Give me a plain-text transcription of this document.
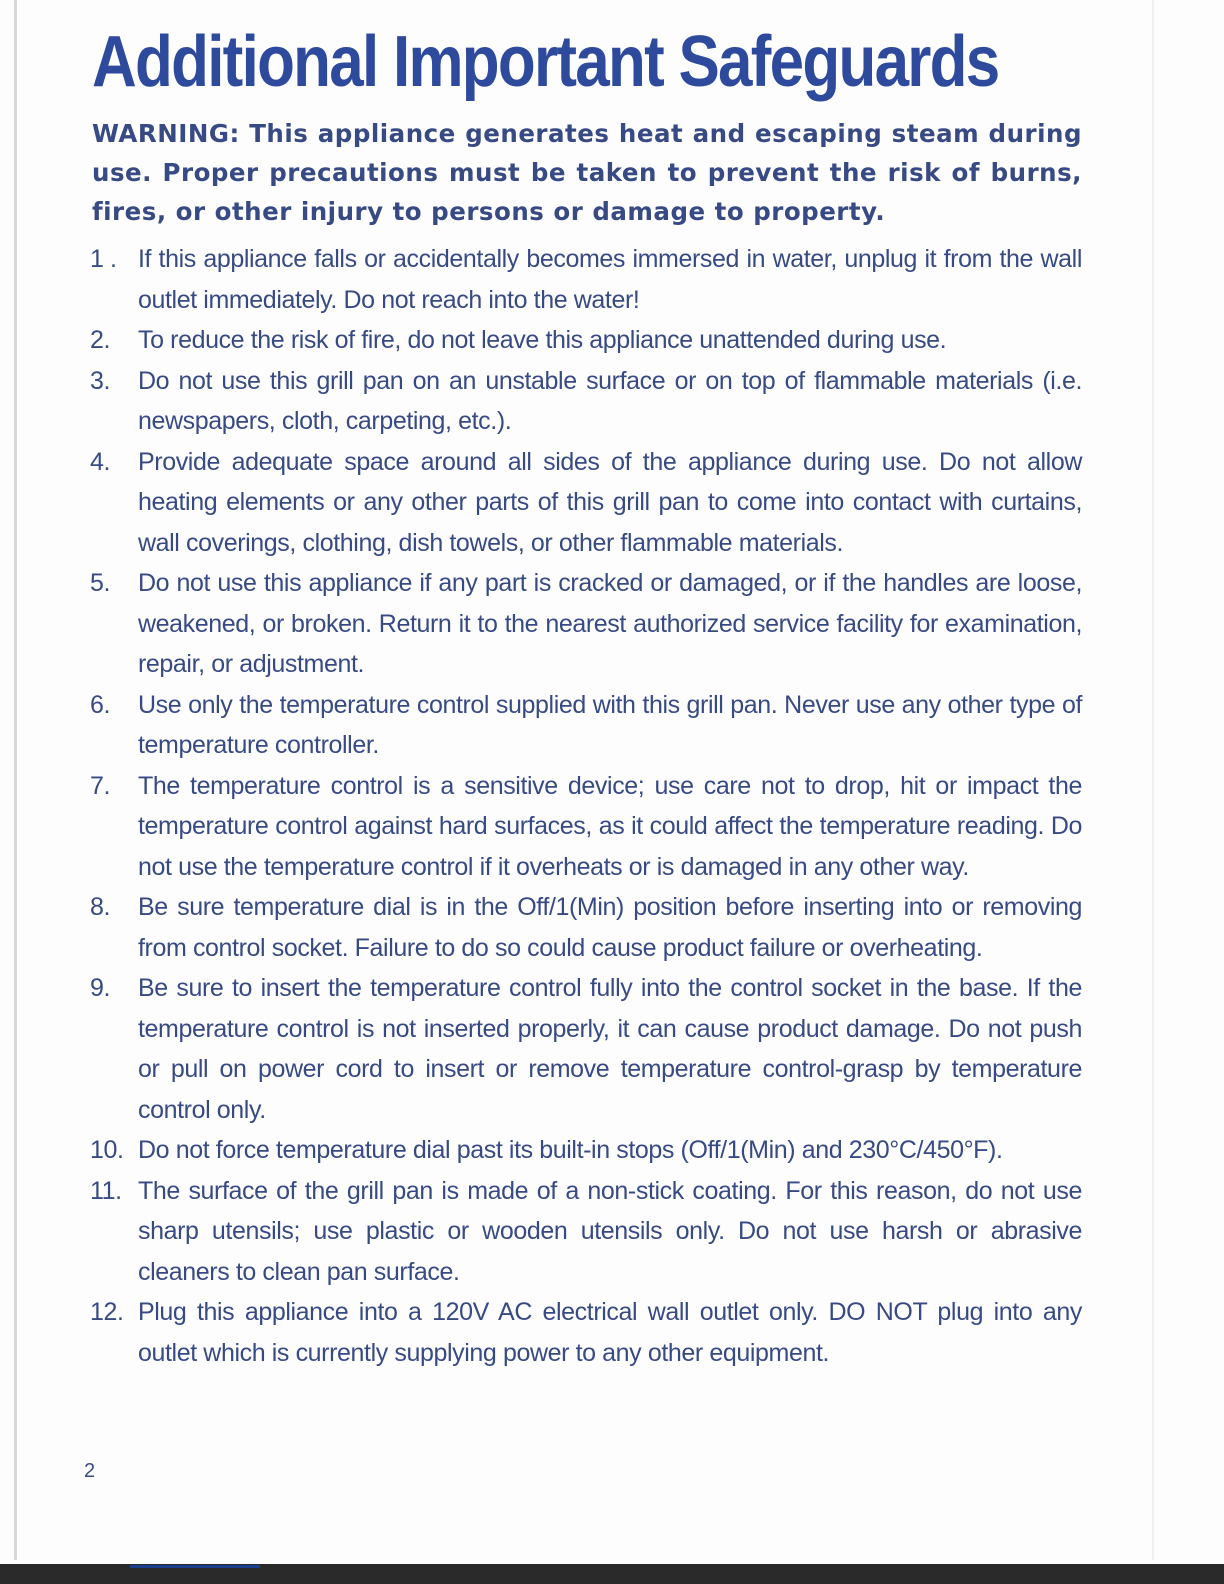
Additional Important Safeguards

WARNING: This appliance generates heat and escaping steam during use. Proper precautions must be taken to prevent the risk of burns, fires, or other injury to persons or damage to property.

1 . If this appliance falls or accidentally becomes immersed in water, unplug it from the wall outlet immediately. Do not reach into the water!
2.	To reduce the risk of fire, do not leave this appliance unattended during use.
3.	Do not use this grill pan on an unstable surface or on top of flammable materials (i.e. newspapers, cloth, carpeting, etc.).
4.	Provide adequate space around all sides of the appliance during use. Do not allow heating elements or any other parts of this grill pan to come into contact with curtains, wall coverings, clothing, dish towels, or other flammable materials.
5.	Do not use this appliance if any part is cracked or damaged, or if the handles are loose, weakened, or broken. Return it to the nearest authorized service facility for examination, repair, or adjustment.
6.	Use only the temperature control supplied with this grill pan. Never use any other type of temperature controller.
7.	The temperature control is a sensitive device; use care not to drop, hit or impact the temperature control against hard surfaces, as it could affect the temperature reading. Do not use the temperature control if it overheats or is damaged in any other way.
8.	Be sure temperature dial is in the Off/1(Min) position before inserting into or removing from control socket. Failure to do so could cause product failure or overheating.
9.	Be sure to insert the temperature control fully into the control socket in the base. If the temperature control is not inserted properly, it can cause product damage. Do not push or pull on power cord to insert or remove temperature control-grasp by temperature control only.
10. Do not force temperature dial past its built-in stops (Off/1(Min) and 230°C/450°F).
11. The surface of the grill pan is made of a non-stick coating. For this reason, do not use sharp utensils; use plastic or wooden utensils only. Do not use harsh or abrasive cleaners to clean pan surface.
12. Plug this appliance into a 120V AC electrical wall outlet only. DO NOT plug into any outlet which is currently supplying power to any other equipment.
2
